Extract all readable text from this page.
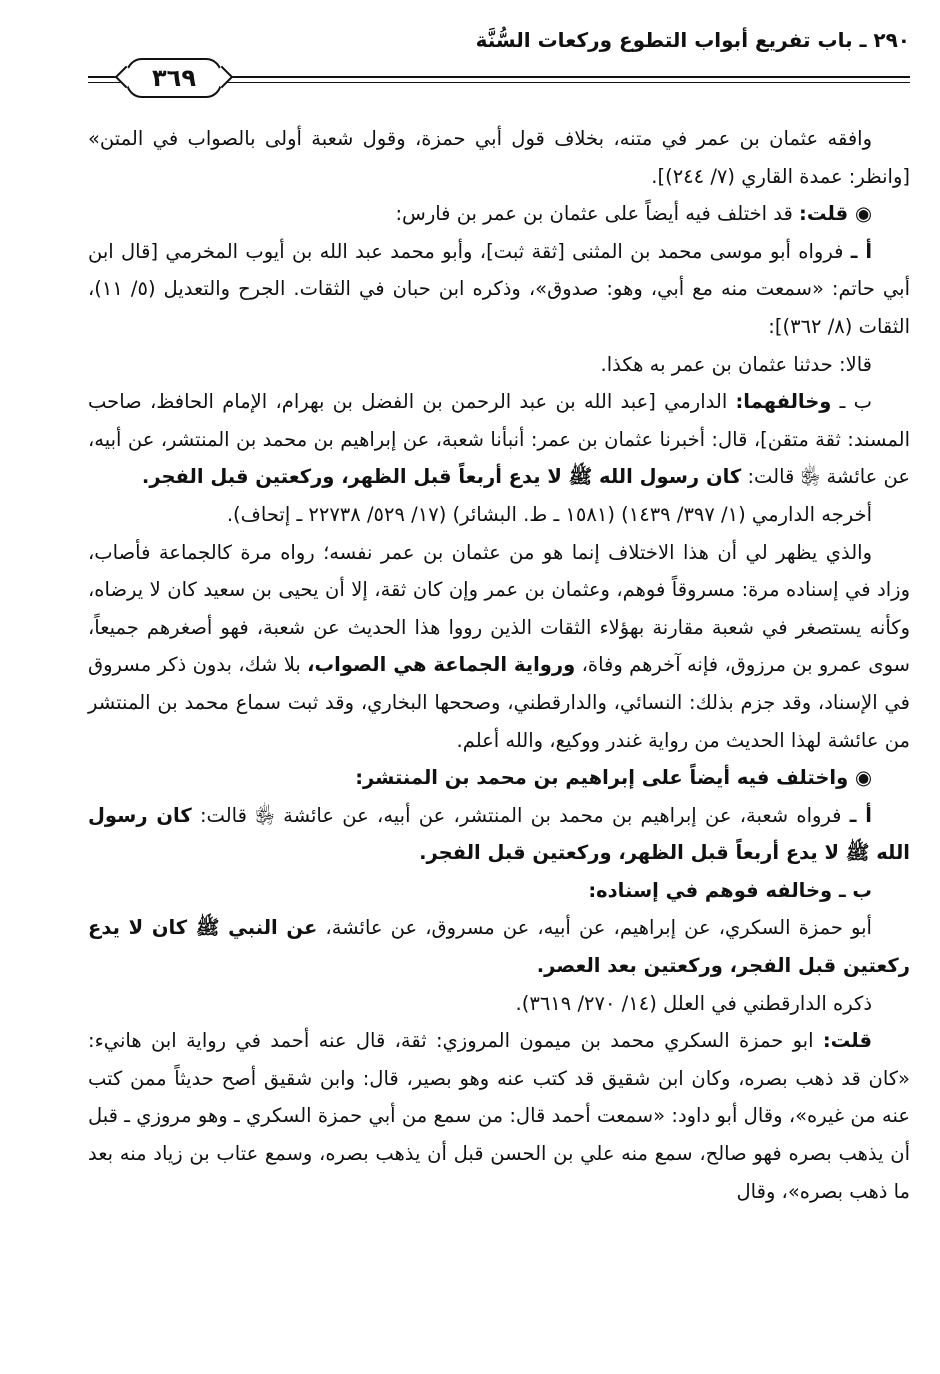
٢٩٠ ـ باب تفريع أبواب التطوع وركعات السُّنَّة
٣٦٩

وافقه عثمان بن عمر في متنه، بخلاف قول أبي حمزة، وقول شعبة أولى بالصواب في المتن» [وانظر: عمدة القاري (٧/ ٢٤٤)].

◉ قلت: قد اختلف فيه أيضاً على عثمان بن عمر بن فارس:

أ ـ فرواه أبو موسى محمد بن المثنى [ثقة ثبت]، وأبو محمد عبد الله بن أيوب المخرمي [قال ابن أبي حاتم: «سمعت منه مع أبي، وهو: صدوق»، وذكره ابن حبان في الثقات. الجرح والتعديل (٥/ ١١)، الثقات (٨/ ٣٦٢)]:

قالا: حدثنا عثمان بن عمر به هكذا.

ب ـ وخالفهما: الدارمي [عبد الله بن عبد الرحمن بن الفضل بن بهرام، الإمام الحافظ، صاحب المسند: ثقة متقن]، قال: أخبرنا عثمان بن عمر: أنبأنا شعبة، عن إبراهيم بن محمد بن المنتشر، عن أبيه، عن عائشة ﵂ قالت: كان رسول الله ﷺ لا يدع أربعاً قبل الظهر، وركعتين قبل الفجر.

أخرجه الدارمي (١/ ٣٩٧/ ١٤٣٩) (١٥٨١ ـ ط. البشائر) (١٧/ ٥٢٩/ ٢٢٧٣٨ ـ إتحاف).

والذي يظهر لي أن هذا الاختلاف إنما هو من عثمان بن عمر نفسه؛ رواه مرة كالجماعة فأصاب، وزاد في إسناده مرة: مسروقاً فوهم، وعثمان بن عمر وإن كان ثقة، إلا أن يحيى بن سعيد كان لا يرضاه، وكأنه يستصغر في شعبة مقارنة بهؤلاء الثقات الذين رووا هذا الحديث عن شعبة، فهو أصغرهم جميعاً، سوى عمرو بن مرزوق، فإنه آخرهم وفاة، ورواية الجماعة هي الصواب، بلا شك، بدون ذكر مسروق في الإسناد، وقد جزم بذلك: النسائي، والدارقطني، وصححها البخاري، وقد ثبت سماع محمد بن المنتشر من عائشة لهذا الحديث من رواية غندر ووكيع، والله أعلم.

◉ واختلف فيه أيضاً على إبراهيم بن محمد بن المنتشر:

أ ـ فرواه شعبة، عن إبراهيم بن محمد بن المنتشر، عن أبيه، عن عائشة ﵂ قالت: كان رسول الله ﷺ لا يدع أربعاً قبل الظهر، وركعتين قبل الفجر.

ب ـ وخالفه فوهم في إسناده:

أبو حمزة السكري، عن إبراهيم، عن أبيه، عن مسروق، عن عائشة، عن النبي ﷺ كان لا يدع ركعتين قبل الفجر، وركعتين بعد العصر.

ذكره الدارقطني في العلل (١٤/ ٢٧٠/ ٣٦١٩).

قلت: ابو حمزة السكري محمد بن ميمون المروزي: ثقة، قال عنه أحمد في رواية ابن هانيء: «كان قد ذهب بصره، وكان ابن شقيق قد كتب عنه وهو بصير، قال: وابن شقيق أصح حديثاً ممن كتب عنه من غيره»، وقال أبو داود: «سمعت أحمد قال: من سمع من أبي حمزة السكري ـ وهو مروزي ـ قبل أن يذهب بصره فهو صالح، سمع منه علي بن الحسن قبل أن يذهب بصره، وسمع عتاب بن زياد منه بعد ما ذهب بصره»، وقال
